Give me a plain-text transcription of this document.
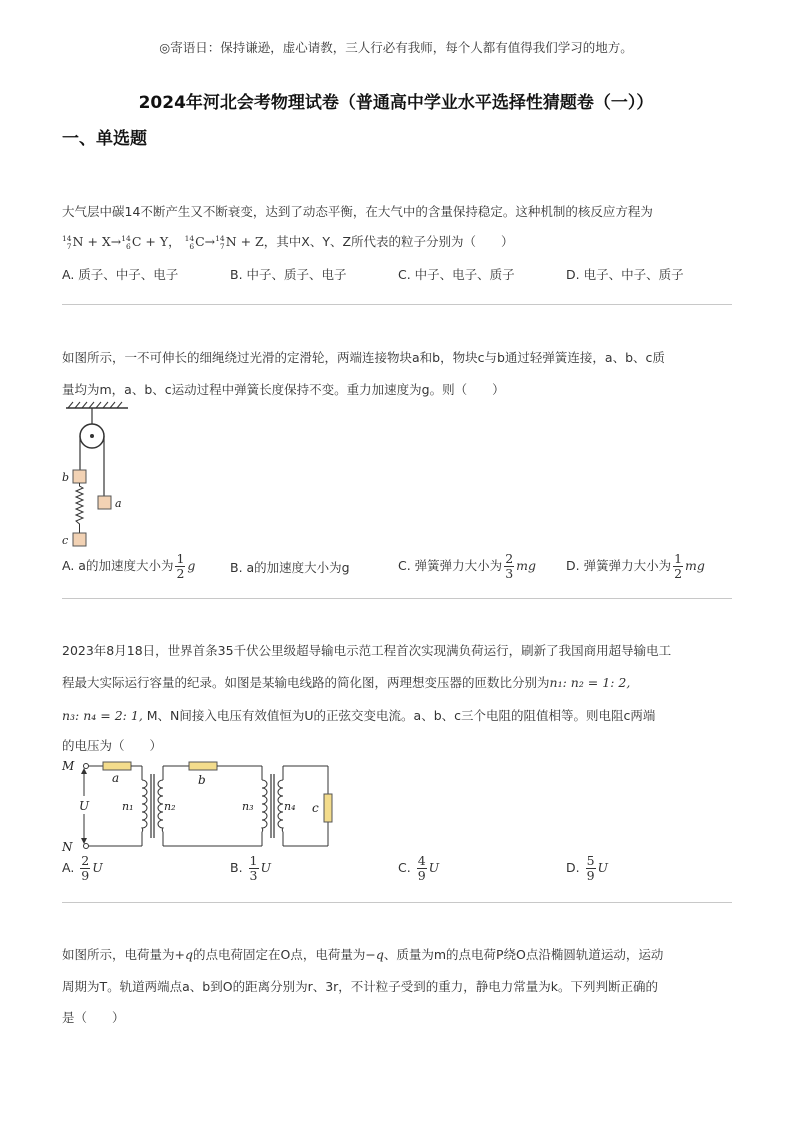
◎寄语日：保持谦逊，虚心请教，三人行必有我师，每个人都有值得我们学习的地方。
2024年河北会考物理试卷（普通高中学业水平选择性猜题卷（一））
一、单选题
大气层中碳14不断产生又不断衰变，达到了动态平衡，在大气中的含量保持稳定。这种机制的核反应方程为
14
7 N + X→ 14
6 C + Y， 14
6 C→ 14
7 N + Z，其中X、Y、Z所代表的粒子分别为（　　）
A. 质子、中子、电子	B. 中子、质子、电子	C. 中子、电子、质子	D. 电子、中子、质子
如图所示，一不可伸长的细绳绕过光滑的定滑轮，两端连接物块a和b，物块c与b通过轻弹簧连接，a、b、c质
量均为m，a、b、c运动过程中弹簧长度保持不变。重力加速度为g。则（　　）
b
a
c
A. a的加速度大小为 $\frac{1}{2}$ g	B. a的加速度大小为g	C. 弹簧弹力大小为 $\frac{2}{3}$ mg D. 弹簧弹力大小为 $\frac{1}{2}$ mg
2023年8月18日，世界首条35千伏公里级超导输电示范工程首次实现满负荷运行，刷新了我国商用超导输电工
程最大实际运行容量的纪录。如图是某输电线路的简化图，两理想变压器的匝数比分别为n₁: n₂ = 1: 2,
n₃: n₄ = 2: 1, M、N间接入电压有效值恒为U的正弦交变电流。a、b、c三个电阻的阻值相等。则电阻c两端
的电压为（　　）
M
N
U
a
n₁	n₂
b
n₃	n₄ c
A. $\frac{2}{9}$ U	B. $\frac{1}{3}$ U	C. $\frac{4}{9}$ U	D. $\frac{5}{9}$ U
如图所示，电荷量为+q的点电荷固定在O点，电荷量为−q、质量为m的点电荷P绕O点沿椭圆轨道运动，运动
周期为T。轨道两端点a、b到O的距离分别为r、3r，不计粒子受到的重力，静电力常量为k。下列判断正确的
是（　　）
